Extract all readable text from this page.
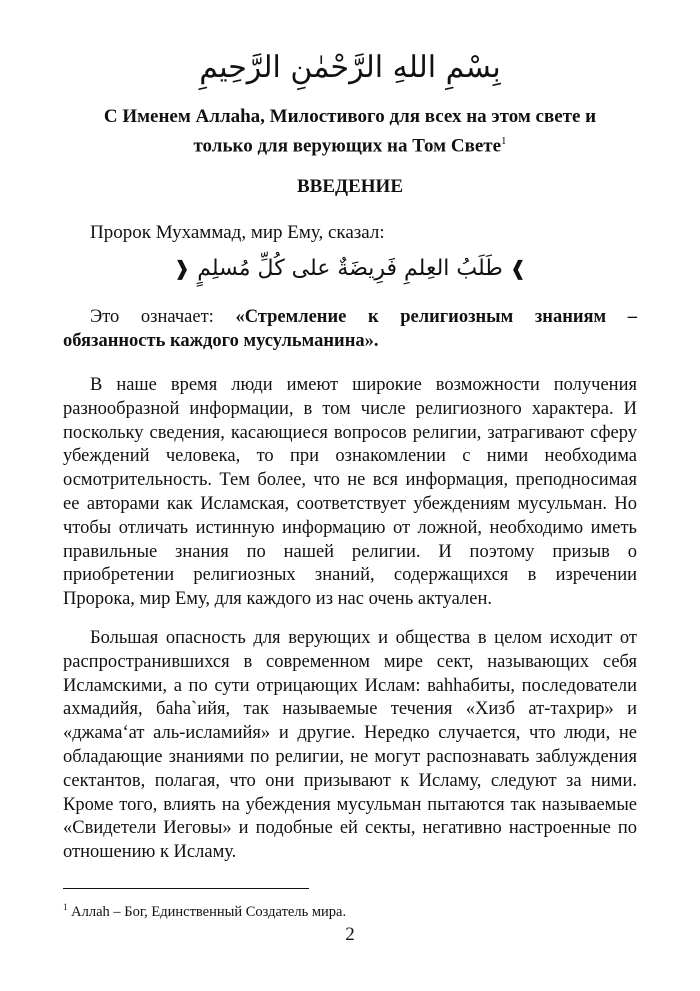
بِسْمِ اللهِ الرَّحْمٰنِ الرَّحِيمِ
С Именем Аллаhа, Милостивого для всех на этом свете и
только для верующих на Том Свете$^1$
ВВЕДЕНИЕ
Пророк Мухаммад, мир Ему, сказал:
❱ طَلَبُ العِلمِ فَرِيضَةٌ على كُلِّ مُسلِمٍ ❰
Это означает: «Стремление к религиозным знаниям – обязанность каждого мусульманина».
В наше время люди имеют широкие возможности получения разнообразной информации, в том числе религиозного характера. И поскольку сведения, касающиеся вопросов религии, затрагивают сферу убеждений человека, то при ознакомлении с ними необходима осмотрительность. Тем более, что не вся информация, преподносимая ее авторами как Исламская, соответствует убеждениям мусульман. Но чтобы отличать истинную информацию от ложной, необходимо иметь правильные знания по нашей религии. И поэтому призыв о приобретении религиозных знаний, содержащихся в изречении Пророка, мир Ему, для каждого из нас очень актуален.
Большая опасность для верующих и общества в целом исходит от распространившихся в современном мире сект, называющих себя Исламскими, а по сути отрицающих Ислам: ваhhабиты, последователи ахмадийя, баhа`ийя, так называемые течения «Хизб ат-тахрир» и «джама‘ат аль-исламийя» и другие. Нередко случается, что люди, не обладающие знаниями по религии, не могут распознавать заблуждения сектантов, полагая, что они призывают к Исламу, следуют за ними. Кроме того, влиять на убеждения мусульман пытаются так называемые «Свидетели Иеговы» и подобные ей секты, негативно настроенные по отношению к Исламу.
$^1$ Аллаh – Бог, Единственный Создатель мира.
2
